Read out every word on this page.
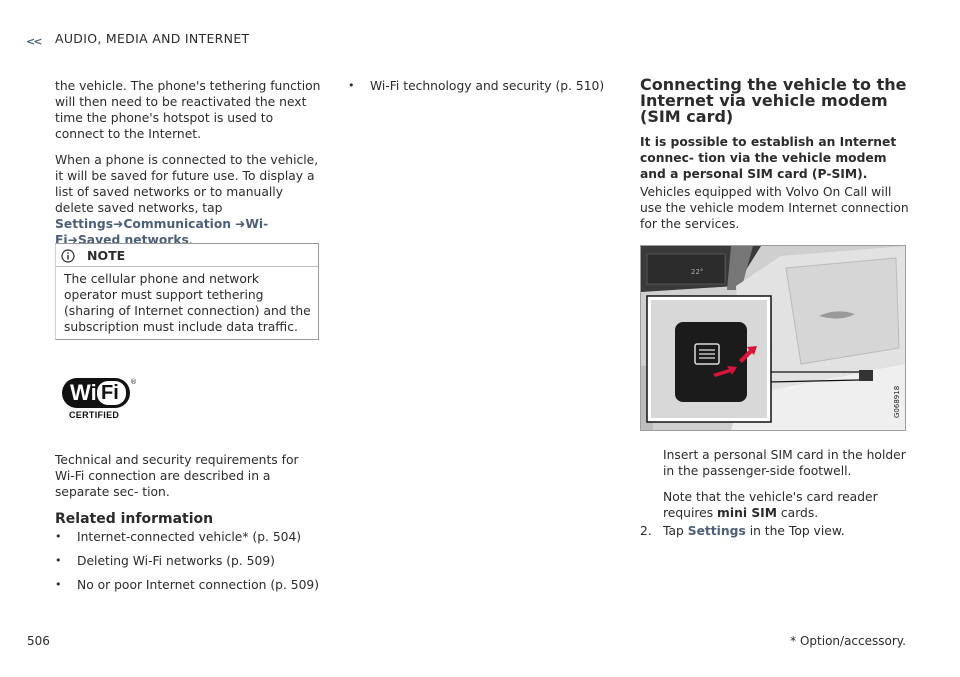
<< AUDIO, MEDIA AND INTERNET

the vehicle. The phone's tethering function will then need to be reactivated the next time the phone's hotspot is used to connect to the Internet.

When a phone is connected to the vehicle, it will be saved for future use. To display a list of saved networks or to manually delete saved networks, tap Settings➜Communication ➜Wi-Fi➜Saved networks.

NOTE

The cellular phone and network operator must support tethering (sharing of Internet connection) and the subscription must include data traffic.

Wi Fi ®
CERTIFIED

Technical and security requirements for Wi-Fi connection are described in a separate sec- tion.

Related information
• Internet-connected vehicle* (p. 504)
• Deleting Wi-Fi networks (p. 509)
• No or poor Internet connection (p. 509)
• Wi-Fi technology and security (p. 510) Connecting the vehicle to the Internet via vehicle modem (SIM card)

It is possible to establish an Internet connec- tion via the vehicle modem and a personal SIM card (P-SIM).

Vehicles equipped with Volvo On Call will use the vehicle modem Internet connection for the services.

G068918
22°

Insert a personal SIM card in the holder in the passenger-side footwell.

Note that the vehicle's card reader requires mini SIM cards.

2. Tap Settings in the Top view.
506	* Option/accessory.
